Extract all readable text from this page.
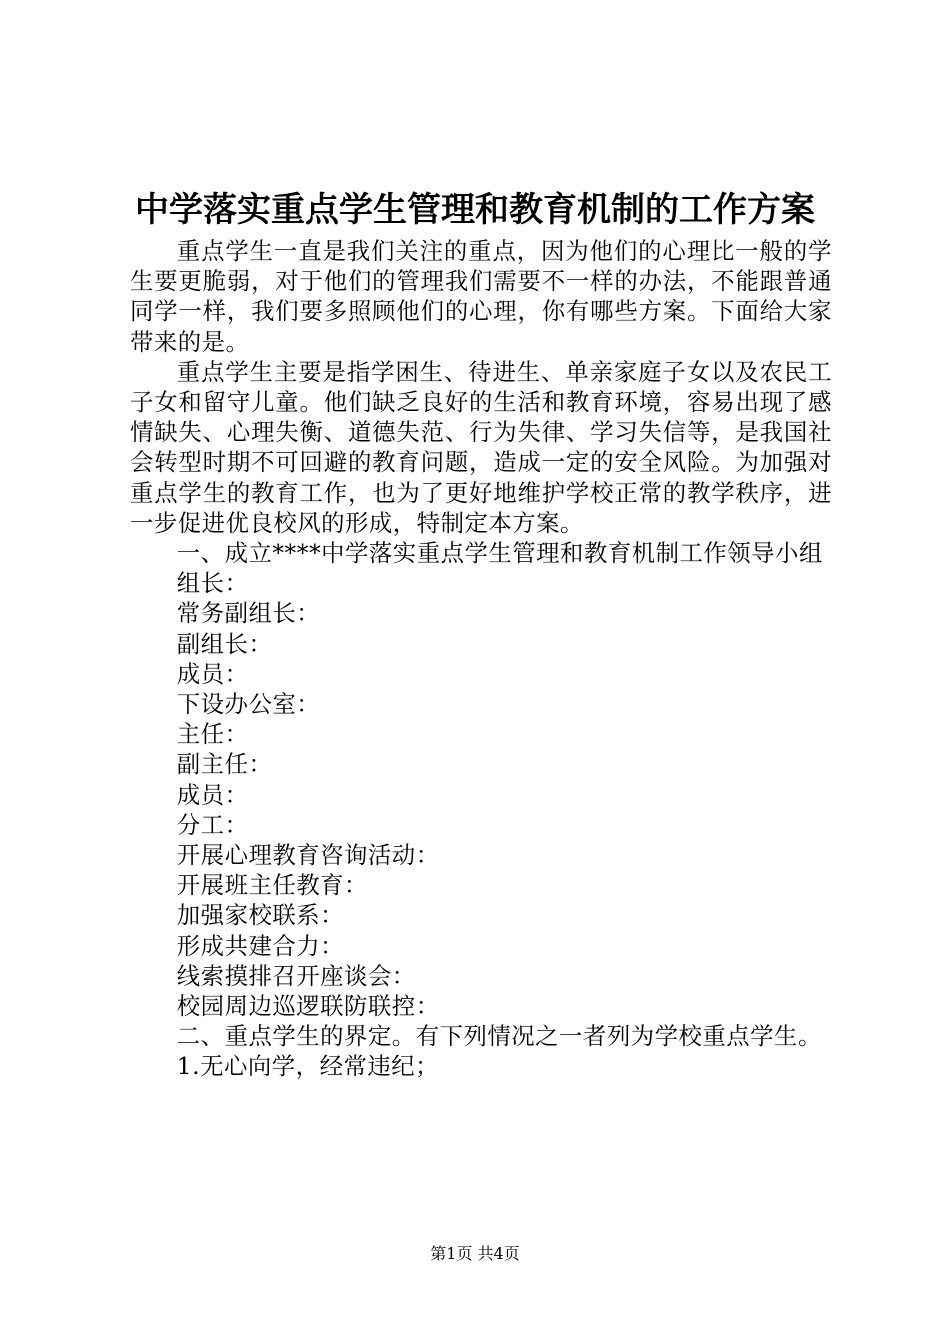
中学落实重点学生管理和教育机制的工作方案

重点学生一直是我们关注的重点，因为他们的心理比一般的学生要更脆弱，对于他们的管理我们需要不一样的办法，不能跟普通同学一样，我们要多照顾他们的心理，你有哪些方案。下面给大家带来的是。

重点学生主要是指学困生、待进生、单亲家庭子女以及农民工子女和留守儿童。他们缺乏良好的生活和教育环境，容易出现了感情缺失、心理失衡、道德失范、行为失律、学习失信等，是我国社会转型时期不可回避的教育问题，造成一定的安全风险。为加强对重点学生的教育工作，也为了更好地维护学校正常的教学秩序，进一步促进优良校风的形成，特制定本方案。

一、成立****中学落实重点学生管理和教育机制工作领导小组

组长：

常务副组长：

副组长：

成员：

下设办公室：

主任：

副主任：

成员：

分工：

开展心理教育咨询活动：

开展班主任教育：

加强家校联系：

形成共建合力：

线索摸排召开座谈会：

校园周边巡逻联防联控：

二、重点学生的界定。有下列情况之一者列为学校重点学生。

1.无心向学，经常违纪；

第1页 共4页
